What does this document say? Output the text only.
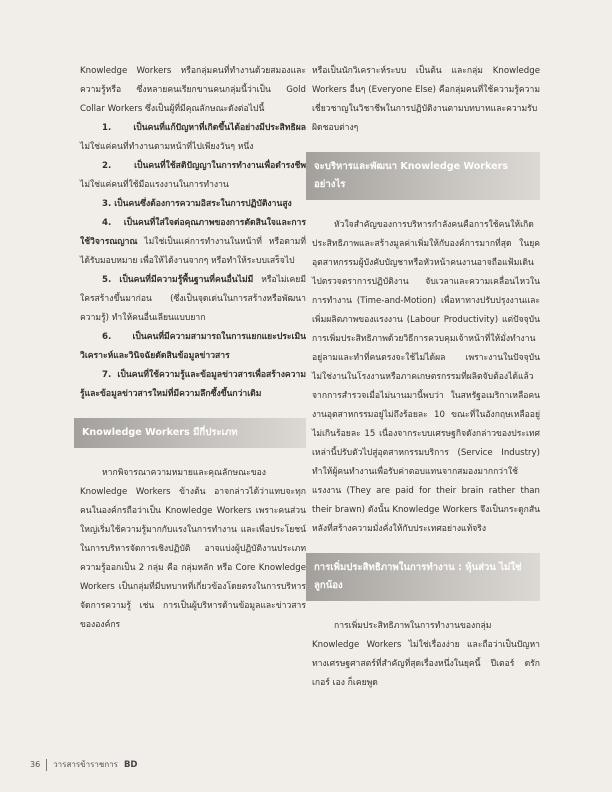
Knowledge Workers หรือกลุ่มคนที่ทำงานด้วยสมองและความรู้หรือ ซึ่งหลายคนเรียกขานคนกลุ่มนี้ว่าเป็น Gold Collar Workers ซึ่งเป็นผู้ที่มีคุณลักษณะดังต่อไปนี้

1. เป็นคนที่แก้ปัญหาที่เกิดขึ้นได้อย่างมีประสิทธิผล ไม่ใช่แค่คนที่ทำงานตามหน้าที่ไปเพียงวันๆ หนึ่ง

2. เป็นคนที่ใช้สติปัญญาในการทำงานเพื่อดำรงชีพ ไม่ใช่แค่คนที่ใช้มือแรงงานในการทำงาน

3. เป็นคนซึ่งต้องการความอิสระในการปฏิบัติงานสูง

4. เป็นคนที่ใส่ใจต่อคุณภาพของการตัดสินใจและการใช้วิจารณญาณ ไม่ใช่เป็นแค่การทำงานในหน้าที่ หรือตามที่ได้รับมอบหมาย เพื่อให้ได้งานจากๆ หรือทำให้ระบบเสร็จไป

5. เป็นคนที่มีความรู้พื้นฐานที่คนอื่นไม่มี หรือไม่เคยมีใครสร้างขึ้นมาก่อน (ซึ่งเป็นจุดเด่นในการสร้างหรือพัฒนาความรู้) ทำให้คนอื่นเลียนแบบยาก

6. เป็นคนที่มีความสามารถในการแยกแยะประเมิน วิเคราะห์และวินิจฉัยตัดสินข้อมูลข่าวสาร

7. เป็นคนที่ใช้ความรู้และข้อมูลข่าวสารเพื่อสร้างความรู้และข้อมูลข่าวสารใหม่ที่มีความลึกซึ้งขึ้นกว่าเดิม

Knowledge Workers มีกี่ประเภท

หากพิจารณาความหมายและคุณลักษณะของ Knowledge Workers ข้างต้น อาจกล่าวได้ว่าแทบจะทุกคนในองค์กรถือว่าเป็น Knowledge Workers เพราะคนส่วนใหญ่เริ่มใช้ความรู้มากกับแรงในการทำงาน และเพื่อประโยชน์ในการบริหารจัดการเชิงปฏิบัติ อาจแบ่งผู้ปฏิบัติงานประเภทความรู้ออกเป็น 2 กลุ่ม คือ กลุ่มหลัก หรือ Core Knowledge Workers เป็นกลุ่มที่มีบทบาทที่เกี่ยวข้องโดยตรงในการบริหารจัดการความรู้ เช่น การเป็นผู้บริหารด้านข้อมูลและข่าวสารขององค์กร

หรือเป็นนักวิเคราะห์ระบบ เป็นต้น และกลุ่ม Knowledge Workers อื่นๆ (Everyone Else) คือกลุ่มคนที่ใช้ความรู้ความเชี่ยวชาญในวิชาชีพในการปฏิบัติงานตามบทบาทและความรับผิดชอบต่างๆ

จะบริหารและพัฒนา Knowledge Workers อย่างไร

หัวใจสำคัญของการบริหารกำลังคนคือการใช้คนให้เกิดประสิทธิภาพและสร้างมูลค่าเพิ่มให้กับองค์การมากที่สุด ในยุคอุตสาหกรรมผู้บังคับบัญชาหรือหัวหน้าคนงานอาจถือแฟ้มเดินไปตรวจตราการปฏิบัติงาน จับเวลาและความเคลื่อนไหวในการทำงาน (Time-and-Motion) เพื่อหาทางปรับปรุงงานและเพิ่มผลิตภาพของแรงงาน (Labour Productivity) แต่ปัจจุบันการเพิ่มประสิทธิภาพด้วยวิธีการควบคุมเจ้าหน้าที่ให้มั่งทำงานอยู่ลามและทำที่คนตรงจะใช้ไม่ได้ผล เพราะงานในปัจจุบันไม่ใช่งานในโรงงานหรือภาคเกษตรกรรมที่ผลิตจับต้องได้แล้ว จากการสำรวจเมื่อไม่นานมานี้พบว่า ในสหรัฐอเมริกาเหลือคนงานอุตสาหกรรมอยู่ไม่ถึงร้อยละ 10 ขณะที่ในอังกฤษเหลืออยู่ไม่เกินร้อยละ 15 เนื่องจากระบบเศรษฐกิจดังกล่าวของประเทศเหล่านี้ปรับตัวไปสู่อุตสาหกรรมบริการ (Service Industry) ทำให้ผู้คนทำงานเพื่อรับค่าตอบแทนจากสมองมากกว่าใช้แรงงาน (They are paid for their brain rather than their brawn) ดังนั้น Knowledge Workers จึงเป็นกระดูกสันหลังที่สร้างความมั่งคั่งให้กับประเทศอย่างแท้จริง

การเพิ่มประสิทธิภาพในการทำงาน : หุ้นส่วน ไม่ใช่ลูกน้อง

การเพิ่มประสิทธิภาพในการทำงานของกลุ่ม Knowledge Workers ไม่ใช่เรื่องง่าย และถือว่าเป็นปัญหาทางเศรษฐศาสตร์ที่สำคัญที่สุดเรื่องหนึ่งในยุคนี้ ปีเตอร์ ดรักเกอร์ เอง ก็เคยพูด

36 วารสารข้าราชการ BD
